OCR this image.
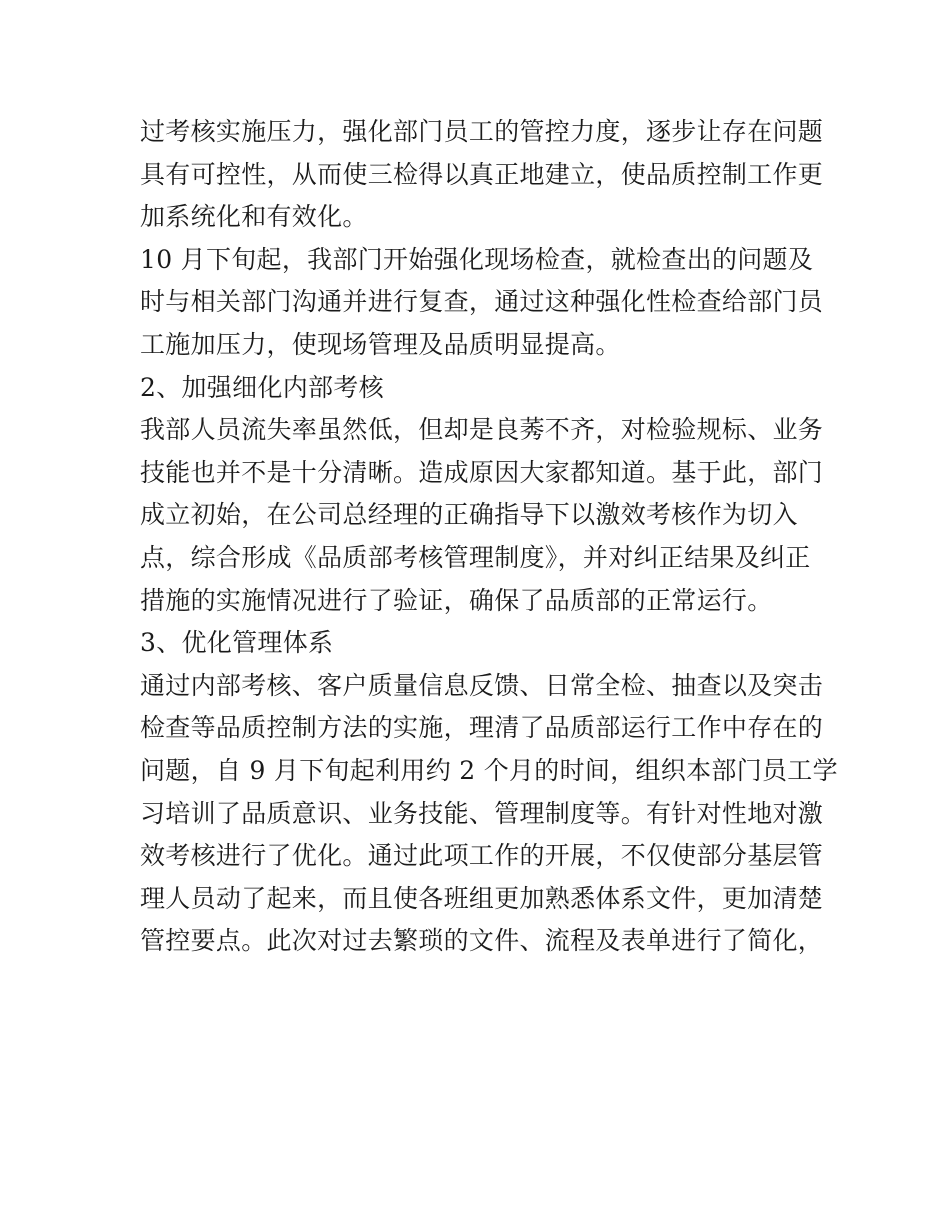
过考核实施压力，强化部门员工的管控力度，逐步让存在问题
具有可控性，从而使三检得以真正地建立，使品质控制工作更
加系统化和有效化。
10 月下旬起，我部门开始强化现场检查，就检查出的问题及
时与相关部门沟通并进行复查，通过这种强化性检查给部门员
工施加压力，使现场管理及品质明显提高。
2、加强细化内部考核
我部人员流失率虽然低，但却是良莠不齐，对检验规标、业务
技能也并不是十分清晰。造成原因大家都知道。基于此，部门
成立初始，在公司总经理的正确指导下以激效考核作为切入
点，综合形成《品质部考核管理制度》，并对纠正结果及纠正
措施的实施情况进行了验证，确保了品质部的正常运行。
3、优化管理体系
通过内部考核、客户质量信息反馈、日常全检、抽查以及突击
检查等品质控制方法的实施，理清了品质部运行工作中存在的
问题，自 9 月下旬起利用约 2 个月的时间，组织本部门员工学
习培训了品质意识、业务技能、管理制度等。有针对性地对激
效考核进行了优化。通过此项工作的开展，不仅使部分基层管
理人员动了起来，而且使各班组更加熟悉体系文件，更加清楚
管控要点。此次对过去繁琐的文件、流程及表单进行了简化，
